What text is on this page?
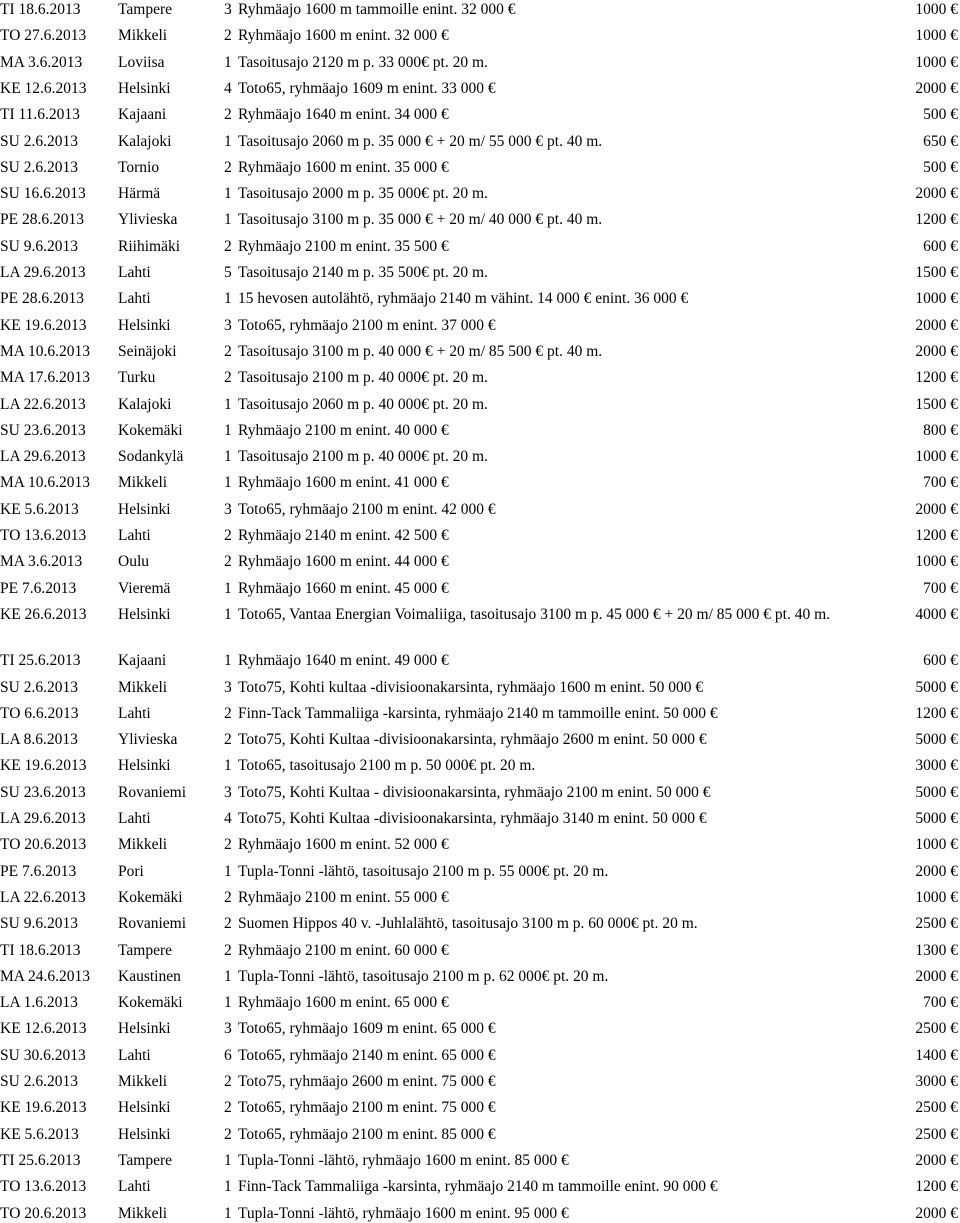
TI 18.6.2013 Tampere	3 Ryhmäajo 1600 m tammoille enint. 32 000 €	1000 €
TO 27.6.2013 Mikkeli	2 Ryhmäajo 1600 m enint. 32 000 €	1000 €
MA 3.6.2013 Loviisa	1 Tasoitusajo 2120 m p. 33 000€ pt. 20 m.	1000 €
KE 12.6.2013 Helsinki	4 Toto65, ryhmäajo 1609 m enint. 33 000 €	2000 €
TI 11.6.2013 Kajaani	2 Ryhmäajo 1640 m enint. 34 000 €	500 €
SU 2.6.2013	Kalajoki	1 Tasoitusajo 2060 m p. 35 000 € + 20 m/ 55 000 € pt. 40 m.	650 €
SU 2.6.2013	Tornio	2 Ryhmäajo 1600 m enint. 35 000 €	500 €
SU 16.6.2013 Härmä	1 Tasoitusajo 2000 m p. 35 000€ pt. 20 m.	2000 €
PE 28.6.2013 Ylivieska	1 Tasoitusajo 3100 m p. 35 000 € + 20 m/ 40 000 € pt. 40 m.	1200 €
SU 9.6.2013	Riihimäki	2 Ryhmäajo 2100 m enint. 35 500 €	600 €
LA 29.6.2013 Lahti	5 Tasoitusajo 2140 m p. 35 500€ pt. 20 m.	1500 €
PE 28.6.2013 Lahti	1 15 hevosen autolähtö, ryhmäajo 2140 m vähint. 14 000 € enint. 36 000 €	1000 €
KE 19.6.2013 Helsinki	3 Toto65, ryhmäajo 2100 m enint. 37 000 €	2000 €
MA 10.6.2013 Seinäjoki	2 Tasoitusajo 3100 m p. 40 000 € + 20 m/ 85 500 € pt. 40 m.	2000 €
MA 17.6.2013 Turku	2 Tasoitusajo 2100 m p. 40 000€ pt. 20 m.	1200 €
LA 22.6.2013 Kalajoki	1 Tasoitusajo 2060 m p. 40 000€ pt. 20 m.	1500 €
SU 23.6.2013 Kokemäki	1 Ryhmäajo 2100 m enint. 40 000 €	800 €
LA 29.6.2013 Sodankylä	1 Tasoitusajo 2100 m p. 40 000€ pt. 20 m.	1000 €
MA 10.6.2013 Mikkeli	1 Ryhmäajo 1600 m enint. 41 000 €	700 €
KE 5.6.2013	Helsinki	3 Toto65, ryhmäajo 2100 m enint. 42 000 €	2000 €
TO 13.6.2013 Lahti	2 Ryhmäajo 2140 m enint. 42 500 €	1200 €
MA 3.6.2013 Oulu	2 Ryhmäajo 1600 m enint. 44 000 €	1000 €
PE 7.6.2013	Vieremä	1 Ryhmäajo 1660 m enint. 45 000 €	700 €
KE 26.6.2013 Helsinki	1 Toto65, Vantaa Energian Voimaliiga, tasoitusajo 3100 m p. 45 000 € + 20 m/ 85 000 € pt. 40 m.	4000 €
TI 25.6.2013 Kajaani	1 Ryhmäajo 1640 m enint. 49 000 €	600 €
SU 2.6.2013	Mikkeli	3 Toto75, Kohti kultaa -divisioonakarsinta, ryhmäajo 1600 m enint. 50 000 €	5000 €
TO 6.6.2013	Lahti	2 Finn-Tack Tammaliiga -karsinta, ryhmäajo 2140 m tammoille enint. 50 000 €	1200 €
LA 8.6.2013	Ylivieska	2 Toto75, Kohti Kultaa -divisioonakarsinta, ryhmäajo 2600 m enint. 50 000 €	5000 €
KE 19.6.2013 Helsinki	1 Toto65, tasoitusajo 2100 m p. 50 000€ pt. 20 m.	3000 €
SU 23.6.2013 Rovaniemi 3 Toto75, Kohti Kultaa - divisioonakarsinta, ryhmäajo 2100 m enint. 50 000 €	5000 €
LA 29.6.2013 Lahti	4 Toto75, Kohti Kultaa -divisioonakarsinta, ryhmäajo 3140 m enint. 50 000 €	5000 €
TO 20.6.2013 Mikkeli	2 Ryhmäajo 1600 m enint. 52 000 €	1000 €
PE 7.6.2013	Pori	1 Tupla-Tonni -lähtö, tasoitusajo 2100 m p. 55 000€ pt. 20 m.	2000 €
LA 22.6.2013 Kokemäki	2 Ryhmäajo 2100 m enint. 55 000 €	1000 €
SU 9.6.2013	Rovaniemi 2 Suomen Hippos 40 v. -Juhlalähtö, tasoitusajo 3100 m p. 60 000€ pt. 20 m.	2500 €
TI 18.6.2013 Tampere	2 Ryhmäajo 2100 m enint. 60 000 €	1300 €
MA 24.6.2013 Kaustinen	1 Tupla-Tonni -lähtö, tasoitusajo 2100 m p. 62 000€ pt. 20 m.	2000 €
LA 1.6.2013	Kokemäki	1 Ryhmäajo 1600 m enint. 65 000 €	700 €
KE 12.6.2013 Helsinki	3 Toto65, ryhmäajo 1609 m enint. 65 000 €	2500 €
SU 30.6.2013 Lahti	6 Toto65, ryhmäajo 2140 m enint. 65 000 €	1400 €
SU 2.6.2013	Mikkeli	2 Toto75, ryhmäajo 2600 m enint. 75 000 €	3000 €
KE 19.6.2013 Helsinki	2 Toto65, ryhmäajo 2100 m enint. 75 000 €	2500 €
KE 5.6.2013	Helsinki	2 Toto65, ryhmäajo 2100 m enint. 85 000 €	2500 €
TI 25.6.2013 Tampere	1 Tupla-Tonni -lähtö, ryhmäajo 1600 m enint. 85 000 €	2000 €
TO 13.6.2013 Lahti	1 Finn-Tack Tammaliiga -karsinta, ryhmäajo 2140 m tammoille enint. 90 000 €	1200 €
TO 20.6.2013 Mikkeli	1 Tupla-Tonni -lähtö, ryhmäajo 1600 m enint. 95 000 €	2000 €
